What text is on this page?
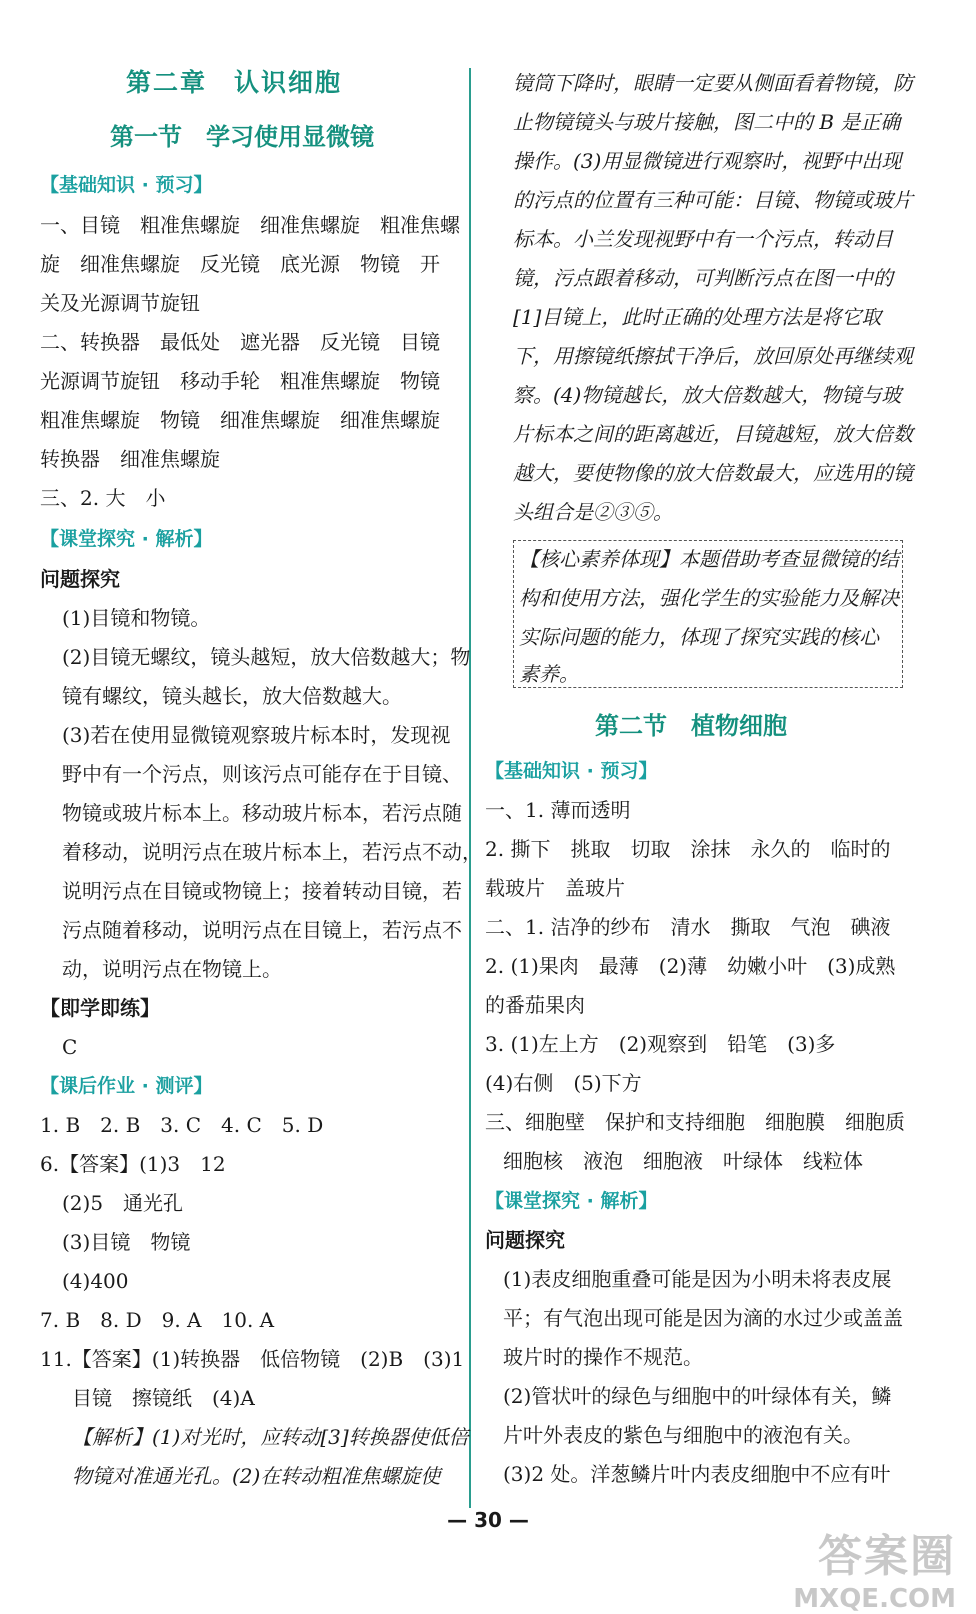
第二章　认识细胞
第一节　学习使用显微镜
【基础知识 · 预习】
一、目镜　粗准焦螺旋　细准焦螺旋　粗准焦螺
旋　细准焦螺旋　反光镜　底光源　物镜　开
关及光源调节旋钮
二、转换器　最低处　遮光器　反光镜　目镜
光源调节旋钮　移动手轮　粗准焦螺旋　物镜
粗准焦螺旋　物镜　细准焦螺旋　细准焦螺旋
转换器　细准焦螺旋
三、2. 大　小
【课堂探究 · 解析】
问题探究
(1)目镜和物镜。
(2)目镜无螺纹，镜头越短，放大倍数越大；物
镜有螺纹，镜头越长，放大倍数越大。
(3)若在使用显微镜观察玻片标本时，发现视
野中有一个污点，则该污点可能存在于目镜、
物镜或玻片标本上。移动玻片标本，若污点随
着移动，说明污点在玻片标本上，若污点不动，
说明污点在目镜或物镜上；接着转动目镜，若
污点随着移动，说明污点在目镜上，若污点不
动，说明污点在物镜上。
【即学即练】
C
【课后作业 · 测评】
1. B　2. B　3. C　4. C　5. D
6.【答案】(1)3　12
(2)5　通光孔
(3)目镜　物镜
(4)400
7. B　8. D　9. A　10. A
11.【答案】(1)转换器　低倍物镜　(2)B　(3)1
目镜　擦镜纸　(4)A
【解析】(1)对光时，应转动[3]转换器使低倍
物镜对准通光孔。(2)在转动粗准焦螺旋使
镜筒下降时，眼睛一定要从侧面看着物镜，防
止物镜镜头与玻片接触，图二中的 B 是正确
操作。(3)用显微镜进行观察时，视野中出现
的污点的位置有三种可能：目镜、物镜或玻片
标本。小兰发现视野中有一个污点，转动目
镜，污点跟着移动，可判断污点在图一中的
[1]目镜上，此时正确的处理方法是将它取
下，用擦镜纸擦拭干净后，放回原处再继续观
察。(4)物镜越长，放大倍数越大，物镜与玻
片标本之间的距离越近，目镜越短，放大倍数
越大，要使物像的放大倍数最大，应选用的镜
头组合是②③⑤。
【核心素养体现】本题借助考查显微镜的结
构和使用方法，强化学生的实验能力及解决
实际问题的能力，体现了探究实践的核心
素养。
第二节　植物细胞
【基础知识 · 预习】
一、1. 薄而透明
2. 撕下　挑取　切取　涂抹　永久的　临时的
载玻片　盖玻片
二、1. 洁净的纱布　清水　撕取　气泡　碘液
2. (1)果肉　最薄　(2)薄　幼嫩小叶　(3)成熟
的番茄果肉
3. (1)左上方　(2)观察到　铅笔　(3)多
(4)右侧　(5)下方
三、细胞壁　保护和支持细胞　细胞膜　细胞质
细胞核　液泡　细胞液　叶绿体　线粒体
【课堂探究 · 解析】
问题探究
(1)表皮细胞重叠可能是因为小明未将表皮展
平；有气泡出现可能是因为滴的水过少或盖盖
玻片时的操作不规范。
(2)管状叶的绿色与细胞中的叶绿体有关，鳞
片叶外表皮的紫色与细胞中的液泡有关。
(3)2 处。洋葱鳞片叶内表皮细胞中不应有叶
— 30 —
答案圈
MXQE.COM
